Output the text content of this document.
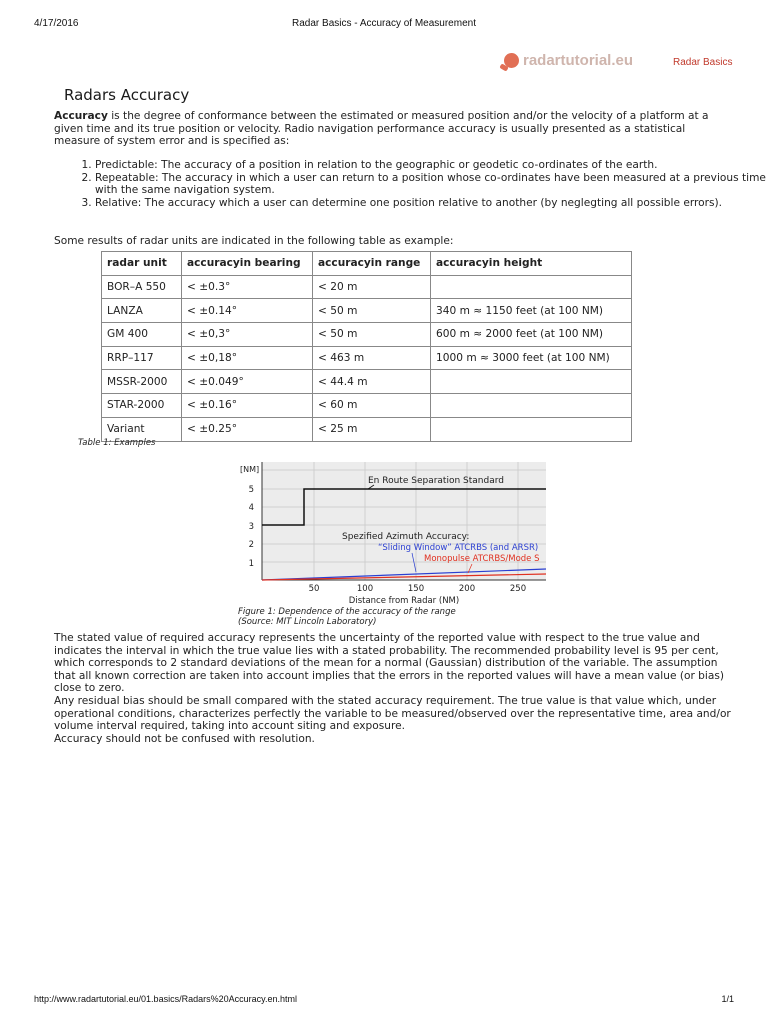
4/17/2016	Radar Basics - Accuracy of Measurement
radartutorial.eu	Radar Basics
Radars Accuracy
Accuracy is the degree of conformance between the estimated or measured position and/or the velocity of a platform at a given time and its true position or velocity. Radio navigation performance accuracy is usually presented as a statistical measure of system error and is specified as:
1. Predictable: The accuracy of a position in relation to the geographic or geodetic co-ordinates of the earth.
2. Repeatable: The accuracy in which a user can return to a position whose co-ordinates have been measured at a previous time with the same navigation system.
3. Relative: The accuracy which a user can determine one position relative to another (by neglegting all possible errors).
Some results of radar units are indicated in the following table as example:
radar unit	accuracyin bearing	accuracyin range	accuracyin height
BOR–A 550	< ±0.3°	< 20 m	
LANZA	< ±0.14°	< 50 m	340 m ≈ 1150 feet (at 100 NM)
GM 400	< ±0,3°	< 50 m	600 m ≈ 2000 feet (at 100 NM)
RRP–117	< ±0,18°	< 463 m	1000 m ≈ 3000 feet (at 100 NM)
MSSR-2000	< ±0.049°	< 44.4 m	
STAR-2000	< ±0.16°	< 60 m	
Variant	< ±0.25°	< 25 m	
Table 1: Examples
[NM]
1
2
3
4
5
50	100	150	200	250
Distance from Radar (NM)
En Route Separation Standard
Spezified Azimuth Accuracy:
“Sliding Window” ATCRBS (and ARSR)
Monopulse ATCRBS/Mode S
Figure 1: Dependence of the accuracy of the range
(Source: MIT Lincoln Laboratory)
The stated value of required accuracy represents the uncertainty of the reported value with respect to the true value and indicates the interval in which the true value lies with a stated probability. The recommended probability level is 95 per cent, which corresponds to 2 standard deviations of the mean for a normal (Gaussian) distribution of the variable. The assumption that all known correction are taken into account implies that the errors in the reported values will have a mean value (or bias) close to zero.
Any residual bias should be small compared with the stated accuracy requirement. The true value is that value which, under operational conditions, characterizes perfectly the variable to be measured/observed over the representative time, area and/or volume interval required, taking into account siting and exposure.
Accuracy should not be confused with resolution.
http://www.radartutorial.eu/01.basics/Radars%20Accuracy.en.html	1/1
